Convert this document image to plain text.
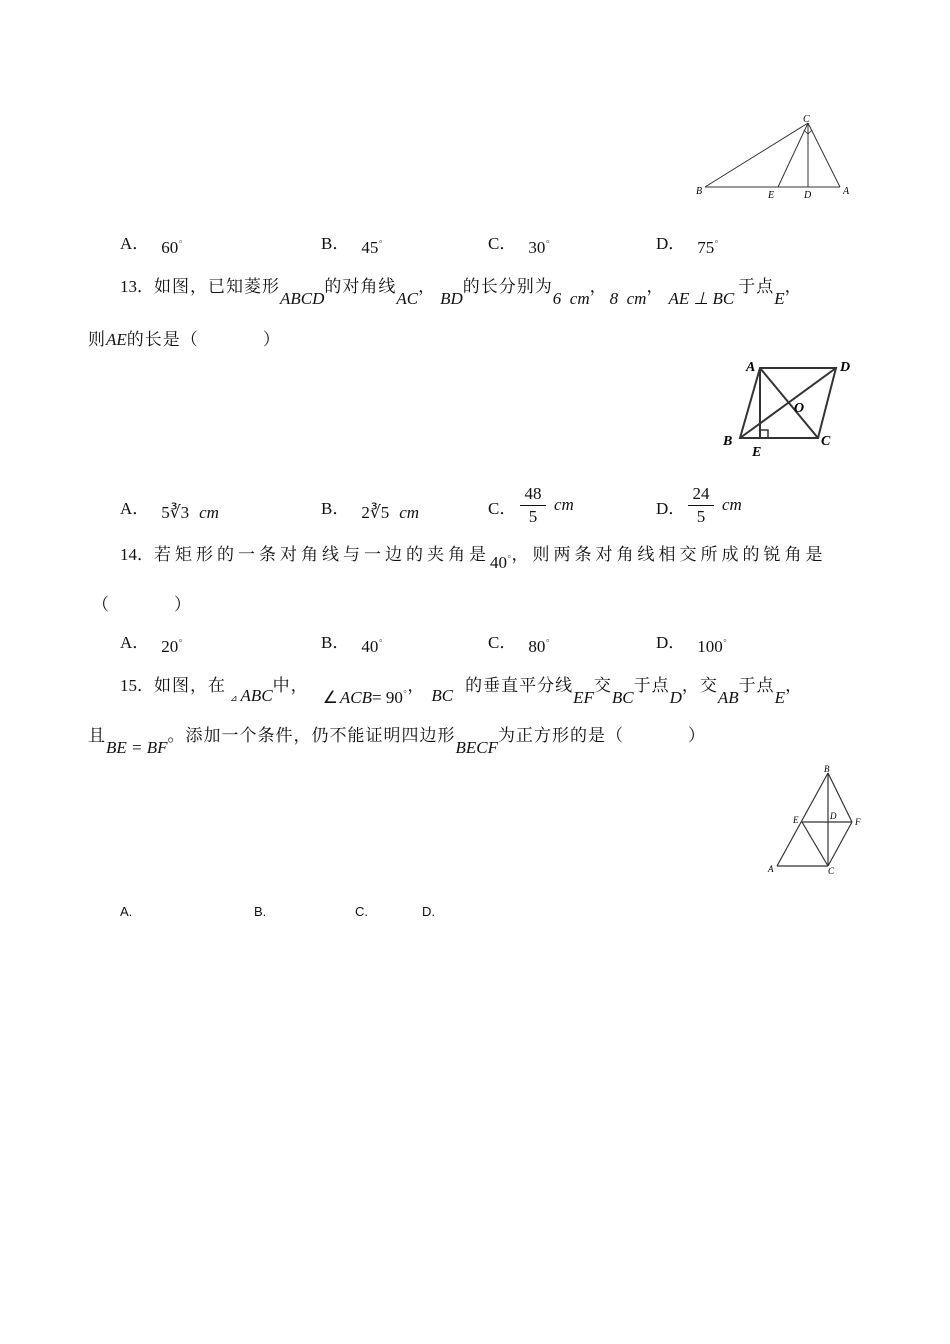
C
B	E	D	A
A． 60°	B． 45°	C． 30°	D． 75°
13．如图，已知菱形ABCD的对角线AC，BD的长分别为6  cm，8  cm，AE ⊥ BC于点E，
则AE的长是（          ）
A	D
O
B
E
C
A． 5∛3 cm	B． 2∛5 cm	C．
48
5
cm	D．
24
5
cm
14．若矩形的一条对角线与一边的夹角是40°，则两条对角线相交所成的锐角是
（          ）
A． 20°	B． 40°	C． 80°	D． 100°
15．如图，在$_⊿$ ABC中，∠ $ACB= 90^\circ$， BC 的垂直平分线EF交BC于点D，交AB于点E，
且BE = BF。添加一个条件，仍不能证明四边形BECF为正方形的是（          ）
B
E	D
F
A	C
A.	B.	C.	D.
